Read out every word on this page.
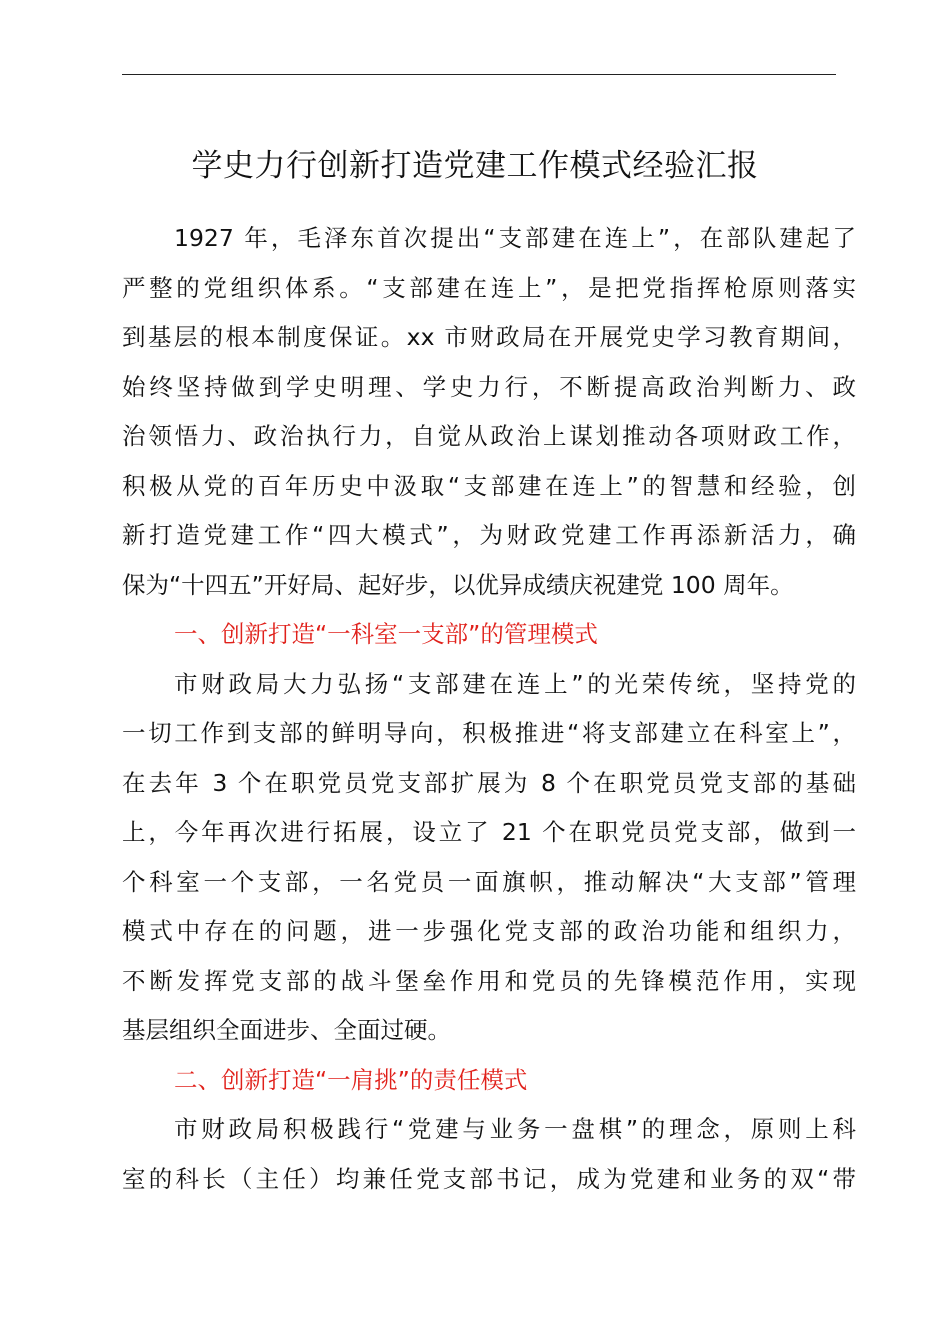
学史力行创新打造党建工作模式经验汇报
1927 年，毛泽东首次提出“支部建在连上”，在部队建起了
严整的党组织体系。“支部建在连上”，是把党指挥枪原则落实
到基层的根本制度保证。xx 市财政局在开展党史学习教育期间，
始终坚持做到学史明理、学史力行，不断提高政治判断力、政
治领悟力、政治执行力，自觉从政治上谋划推动各项财政工作，
积极从党的百年历史中汲取“支部建在连上”的智慧和经验，创
新打造党建工作“四大模式”，为财政党建工作再添新活力，确
保为“十四五”开好局、起好步，以优异成绩庆祝建党 100 周年。
一、创新打造“一科室一支部”的管理模式
市财政局大力弘扬“支部建在连上”的光荣传统，坚持党的
一切工作到支部的鲜明导向，积极推进“将支部建立在科室上”，
在去年 3 个在职党员党支部扩展为 8 个在职党员党支部的基础
上，今年再次进行拓展，设立了 21 个在职党员党支部，做到一
个科室一个支部，一名党员一面旗帜，推动解决“大支部”管理
模式中存在的问题，进一步强化党支部的政治功能和组织力，
不断发挥党支部的战斗堡垒作用和党员的先锋模范作用，实现
基层组织全面进步、全面过硬。
二、创新打造“一肩挑”的责任模式
市财政局积极践行“党建与业务一盘棋”的理念，原则上科
室的科长（主任）均兼任党支部书记，成为党建和业务的双“带
